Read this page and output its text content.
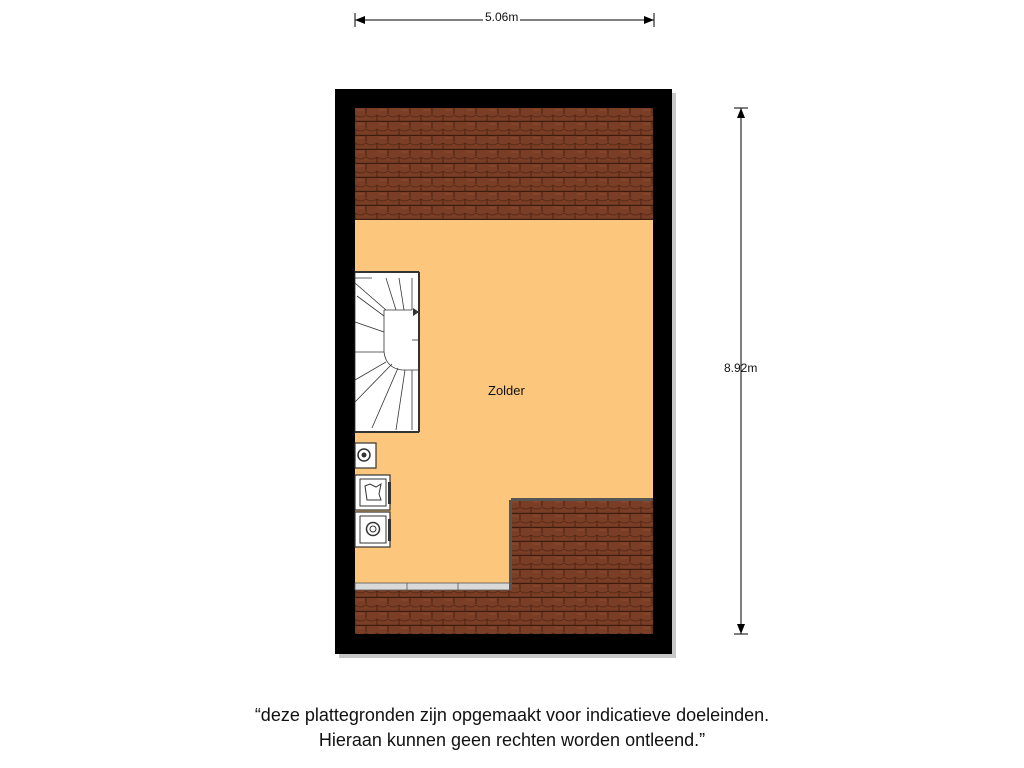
5.06m
8.92m
Zolder
“deze plattegronden zijn opgemaakt voor indicatieve doeleinden.
Hieraan kunnen geen rechten worden ontleend.”
